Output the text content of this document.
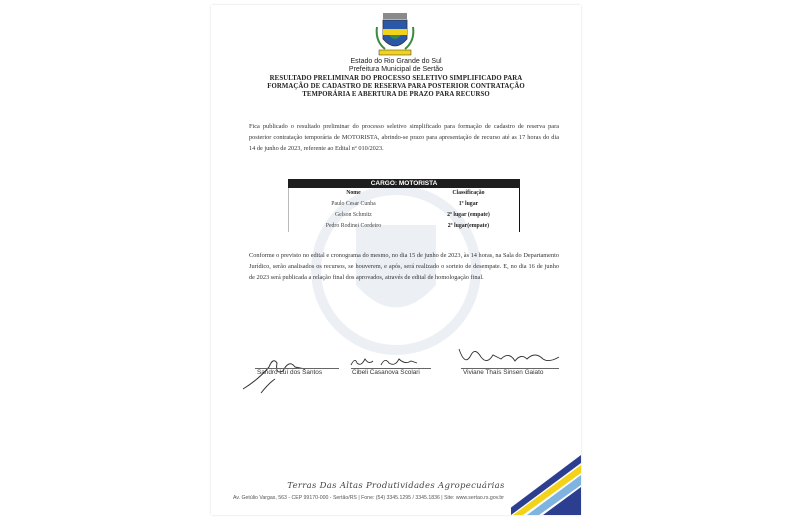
Estado do Rio Grande do Sul
Prefeitura Municipal de Sertão
RESULTADO PRELIMINAR DO PROCESSO SELETIVO SIMPLIFICADO PARA
FORMAÇÃO DE CADASTRO DE RESERVA PARA POSTERIOR CONTRATAÇÃO
TEMPORÁRIA E ABERTURA DE PRAZO PARA RECURSO
Fica publicado o resultado preliminar do processo seletivo simplificado para formação de cadastro de reserva para posterior contratação temporária de MOTORISTA, abrindo-se prazo para apresentação de recurso até as 17 horas do dia 14 de junho de 2023, referente ao Edital nº 010/2023.
CARGO: MOTORISTA
Nome	Classificação
Paulo Cesar Cunha	1º lugar
Gelson Schmitz	2º lugar (empate)
Pedro Rodinei Cordeiro	2º lugar(empate)
Conforme o previsto no edital e cronograma do mesmo, no dia 15 de junho de 2023, às 14 horas, na Sala do Departamento Jurídico, serão analisados os recursos, se houverem, e após, será realizado o sorteio de desempate. E, no dia 16 de junho de 2023 será publicada a relação final dos aprovados, através de edital de homologação final.
Sandro Luí dos Santos	Cibeli Casanova Scolari	Viviane Thaís Sinsen Gaiato
Terras Das Altas Produtividades Agropecuárias
Av. Getúlio Vargas, 563 - CEP 99170-000 - Sertão/RS | Fone: (54) 3345.1295 / 3345.1836 | Site: www.sertao.rs.gov.br
